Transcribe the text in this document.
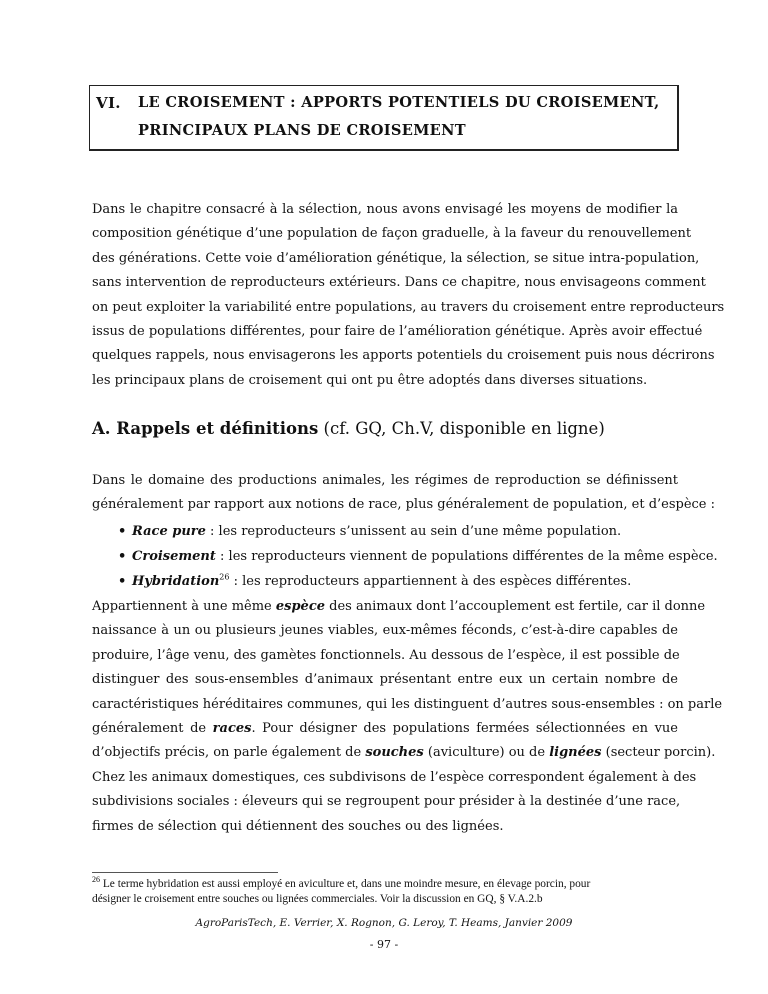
VI. LE CROISEMENT : APPORTS POTENTIELS DU CROISEMENT,
PRINCIPAUX PLANS DE CROISEMENT
Dans le chapitre consacré à la sélection, nous avons envisagé les moyens de modifier la
composition génétique d’une population de façon graduelle, à la faveur du renouvellement
des générations. Cette voie d’amélioration génétique, la sélection, se situe intra-population,
sans intervention de reproducteurs extérieurs. Dans ce chapitre, nous envisageons comment
on peut exploiter la variabilité entre populations, au travers du croisement entre reproducteurs
issus de populations différentes, pour faire de l’amélioration génétique. Après avoir effectué
quelques rappels, nous envisagerons les apports potentiels du croisement puis nous décrirons
les principaux plans de croisement qui ont pu être adoptés dans diverses situations.
A. Rappels et définitions (cf. GQ, Ch.V, disponible en ligne)
Dans le domaine des productions animales, les régimes de reproduction se définissent
généralement par rapport aux notions de race, plus généralement de population, et d’espèce :
• Race pure : les reproducteurs s’unissent au sein d’une même population.
• Croisement : les reproducteurs viennent de populations différentes de la même espèce.
• Hybridation$^{26}$ : les reproducteurs appartiennent à des espèces différentes.
Appartiennent à une même espèce des animaux dont l’accouplement est fertile, car il donne
naissance à un ou plusieurs jeunes viables, eux-mêmes féconds, c’est-à-dire capables de
produire, l’âge venu, des gamètes fonctionnels. Au dessous de l’espèce, il est possible de
distinguer des sous-ensembles d’animaux présentant entre eux un certain nombre de
caractéristiques héréditaires communes, qui les distinguent d’autres sous-ensembles : on parle
généralement de races. Pour désigner des populations fermées sélectionnées en vue
d’objectifs précis, on parle également de souches (aviculture) ou de lignées (secteur porcin).
Chez les animaux domestiques, ces subdivisons de l’espèce correspondent également à des
subdivisions sociales : éleveurs qui se regroupent pour présider à la destinée d’une race,
firmes de sélection qui détiennent des souches ou des lignées.
$^{26}$ Le terme hybridation est aussi employé en aviculture et, dans une moindre mesure, en élevage porcin, pour
désigner le croisement entre souches ou lignées commerciales. Voir la discussion en GQ, § V.A.2.b
AgroParisTech, E. Verrier, X. Rognon, G. Leroy, T. Heams, Janvier 2009
- 97 -
